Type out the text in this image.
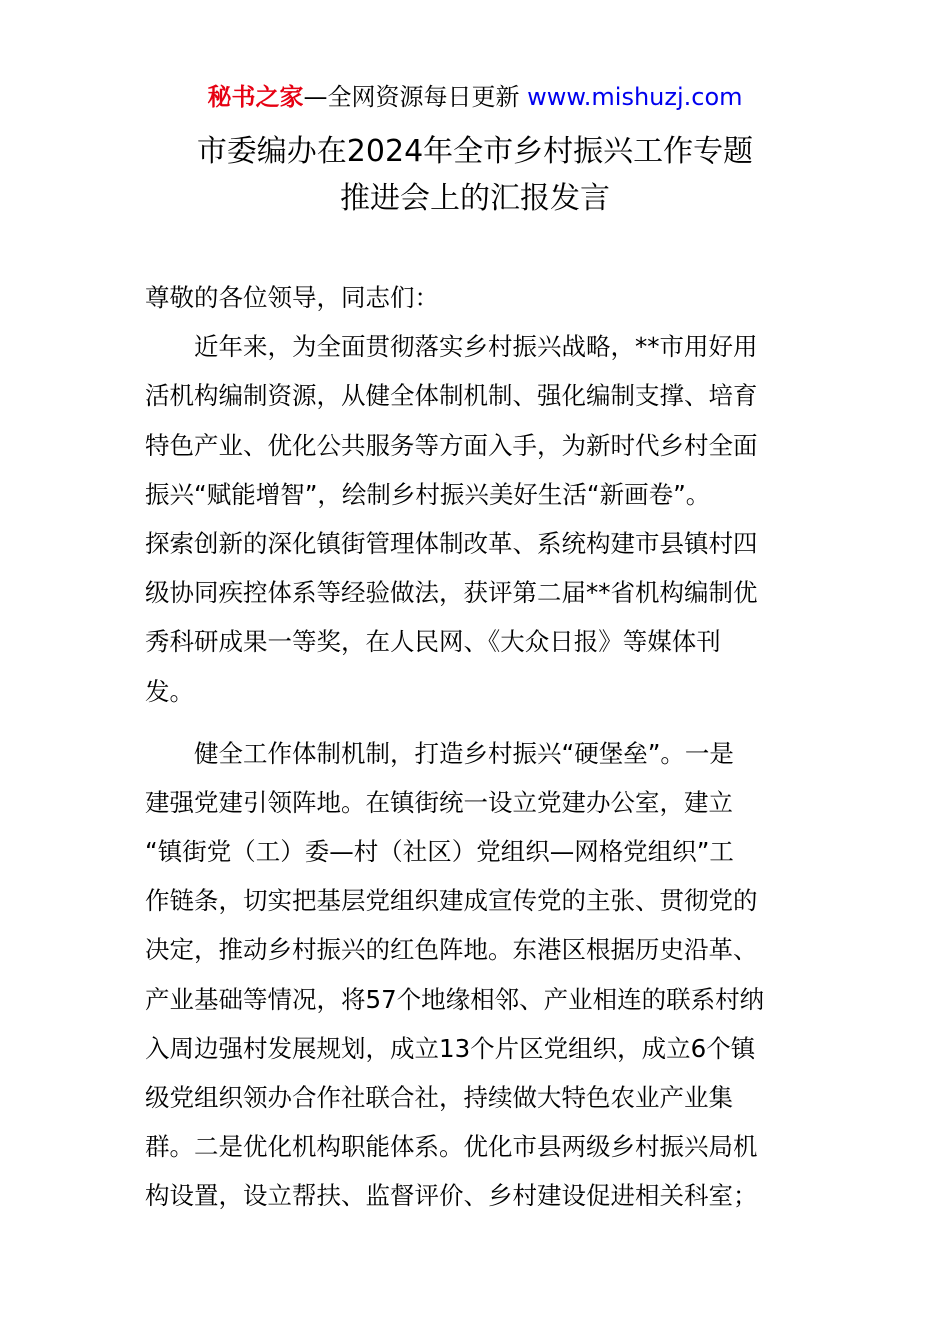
秘书之家—全网资源每日更新 www.mishuzj.com
市委编办在2024年全市乡村振兴工作专题
推进会上的汇报发言
尊敬的各位领导，同志们：
近年来，为全面贯彻落实乡村振兴战略，**市用好用
活机构编制资源，从健全体制机制、强化编制支撑、培育
特色产业、优化公共服务等方面入手，为新时代乡村全面
振兴“赋能增智”，绘制乡村振兴美好生活“新画卷”。
探索创新的深化镇街管理体制改革、系统构建市县镇村四
级协同疾控体系等经验做法，获评第二届**省机构编制优
秀科研成果一等奖，在人民网、《大众日报》等媒体刊
发。
健全工作体制机制，打造乡村振兴“硬堡垒”。一是
建强党建引领阵地。在镇街统一设立党建办公室，建立
“镇街党（工）委—村（社区）党组织—网格党组织”工
作链条，切实把基层党组织建成宣传党的主张、贯彻党的
决定，推动乡村振兴的红色阵地。东港区根据历史沿革、
产业基础等情况，将57个地缘相邻、产业相连的联系村纳
入周边强村发展规划，成立13个片区党组织，成立6个镇
级党组织领办合作社联合社，持续做大特色农业产业集
群。二是优化机构职能体系。优化市县两级乡村振兴局机
构设置，设立帮扶、监督评价、乡村建设促进相关科室；
